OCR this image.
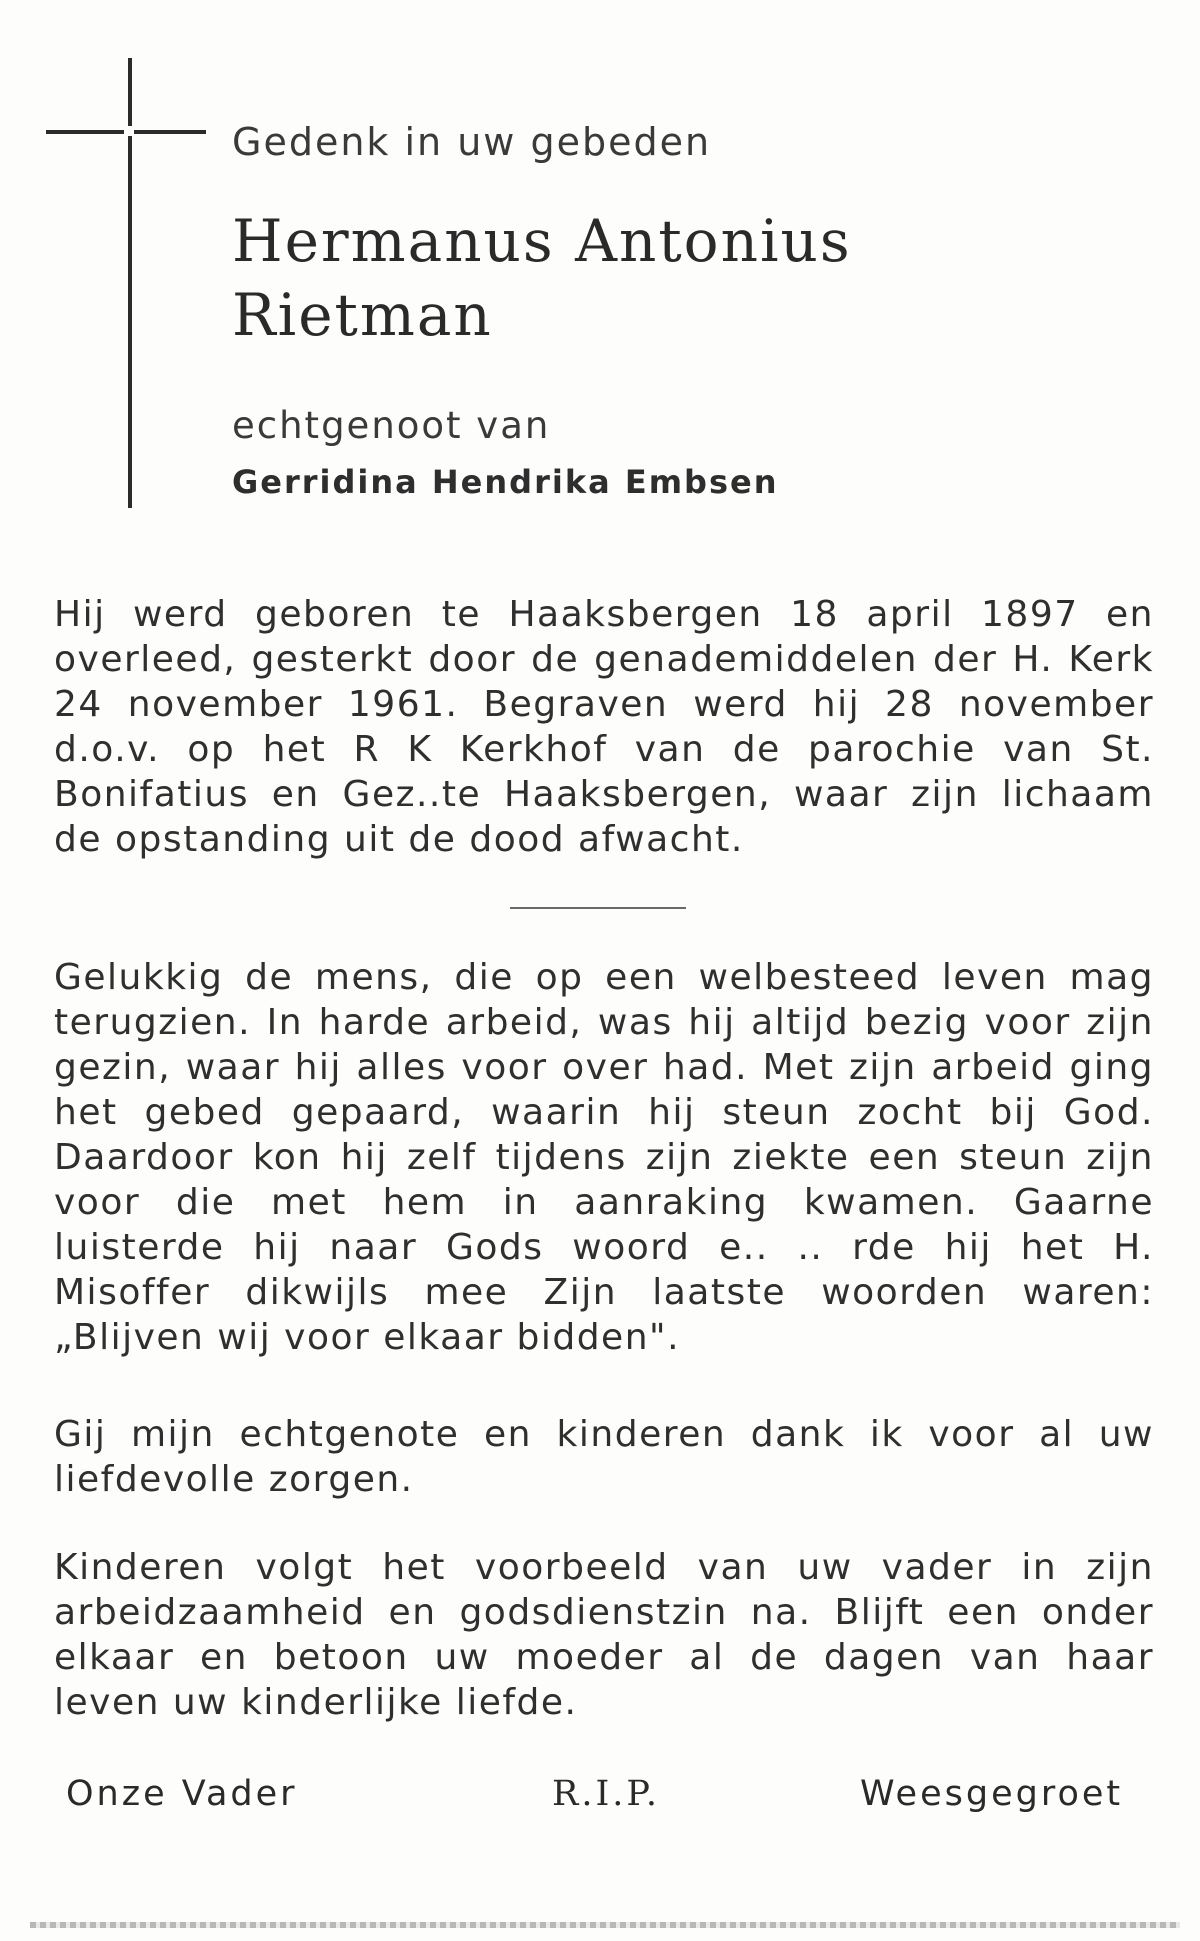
Gedenk in uw gebeden

Hermanus Antonius

Rietman

echtgenoot van

Gerridina Hendrika Embsen

Hij werd geboren te Haaksbergen 18 april 1897 en overleed, gesterkt door de genademiddelen der H. Kerk 24 november 1961. Begraven werd hij 28 november d.o.v. op het R K Kerkhof van de parochie van St. Bonifatius en Gez..te Haaksbergen, waar zijn lichaam de opstanding uit de dood afwacht.

Gelukkig de mens, die op een welbesteed leven mag terugzien. In harde arbeid, was hij altijd bezig voor zijn gezin, waar hij alles voor over had. Met zijn arbeid ging het gebed gepaard, waarin hij steun zocht bij God. Daardoor kon hij zelf tijdens zijn ziekte een steun zijn voor die met hem in aanraking kwamen. Gaarne luisterde hij naar Gods woord e.. .. rde hij het H. Misoffer dikwijls mee Zijn laatste woorden waren: „Blijven wij voor elkaar bidden".

Gij mijn echtgenote en kinderen dank ik voor al uw liefdevolle zorgen.

Kinderen volgt het voorbeeld van uw vader in zijn arbeidzaamheid en godsdienstzin na. Blijft een onder elkaar en betoon uw moeder al de dagen van haar leven uw kinderlijke liefde.

Onze Vader	R.I.P.	Weesgegroet
